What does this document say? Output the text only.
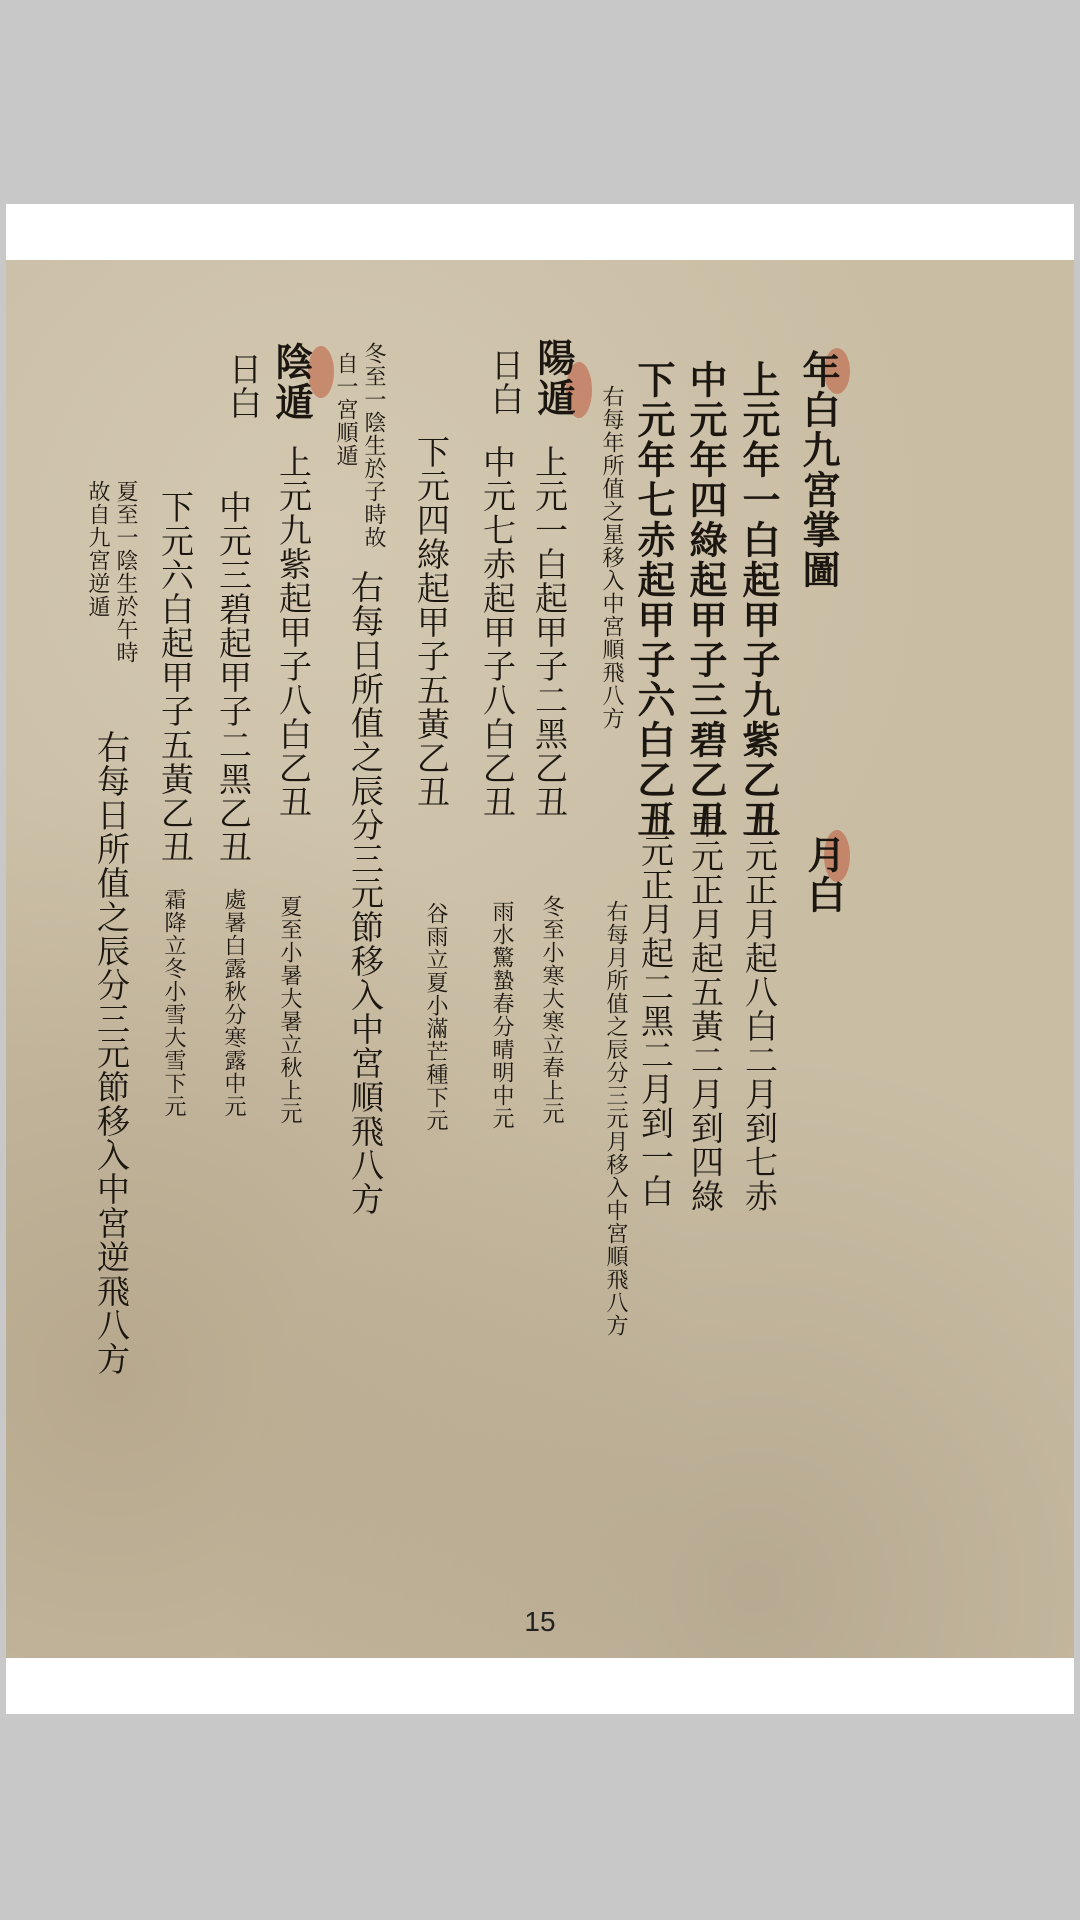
年白九宮掌圖
上元年一白起甲子九紫乙丑
中元年四綠起甲子三碧乙丑
下元年七赤起甲子六白乙丑
右每年所值之星移入中宮順飛八方
陽遁
日白
上元一白起甲子二黑乙丑
中元七赤起甲子八白乙丑
下元四綠起甲子五黃乙丑
冬至一陰生於子時故
自一宮順遁
右每日所值之辰分三元節移入中宮順飛八方
陰遁
日白
上元九紫起甲子八白乙丑
中元三碧起甲子二黑乙丑
下元六白起甲子五黃乙丑
夏至一陰生於午時
故自九宮逆遁
右每日所值之辰分三元節移入中宮逆飛八方	月白
上元正月起八白二月到七赤
中元正月起五黃二月到四綠
下元正月起二黑二月到一白
右每月所值之辰分三元月移入中宮順飛八方
冬至小寒大寒立春上元
雨水驚蟄春分晴明中元
谷雨立夏小滿芒種下元
夏至小暑大暑立秋上元
處暑白露秋分寒露中元
霜降立冬小雪大雪下元
15
